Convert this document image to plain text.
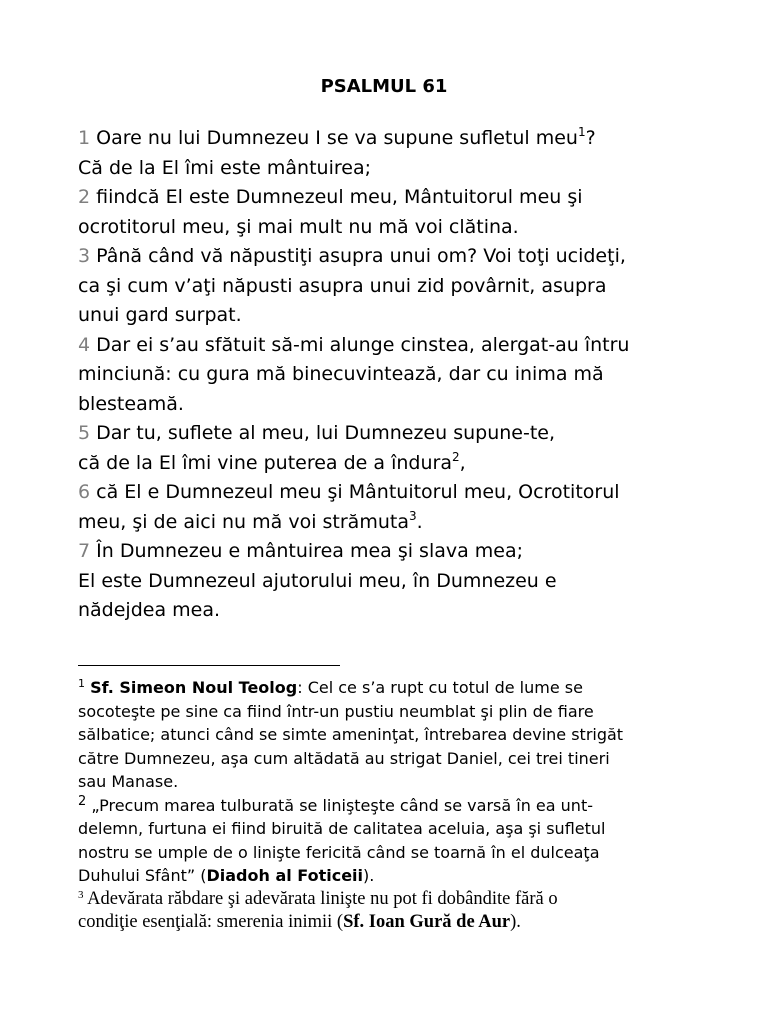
PSALMUL 61
1 Oare nu lui Dumnezeu I se va supune sufletul meu$^1$?
Că de la El îmi este mântuirea;
2 fiindcă El este Dumnezeul meu, Mântuitorul meu şi
ocrotitorul meu, şi mai mult nu mă voi clătina.
3 Până când vă năpustiţi asupra unui om? Voi toţi ucideţi,
ca şi cum v’aţi năpusti asupra unui zid povârnit, asupra
unui gard surpat.
4 Dar ei s’au sfătuit să-mi alunge cinstea, alergat-au întru
minciună: cu gura mă binecuvintează, dar cu inima mă
blesteamă.
5 Dar tu, suflete al meu, lui Dumnezeu supune-te,
că de la El îmi vine puterea de a îndura$^2$,
6 că El e Dumnezeul meu şi Mântuitorul meu, Ocrotitorul
meu, şi de aici nu mă voi strămuta$^3$.
7 În Dumnezeu e mântuirea mea şi slava mea;
El este Dumnezeul ajutorului meu, în Dumnezeu e
nădejdea mea.
$^1$ Sf. Simeon Noul Teolog: Cel ce s’a rupt cu totul de lume se
socoteşte pe sine ca fiind într-un pustiu neumblat şi plin de fiare
sălbatice; atunci când se simte ameninţat, întrebarea devine strigăt
către Dumnezeu, aşa cum altădată au strigat Daniel, cei trei tineri
sau Manase.
$^2$ „Precum marea tulburată se linişteşte când se varsă în ea unt-
delemn, furtuna ei fiind biruită de calitatea aceluia, aşa şi sufletul
nostru se umple de o linişte fericită când se toarnă în el dulceaţa
Duhului Sfânt” (Diadoh al Foticeii).
$^3$ Adevărata răbdare şi adevărata linişte nu pot fi dobândite fără o
condiţie esenţială: smerenia inimii (Sf. Ioan Gură de Aur).
